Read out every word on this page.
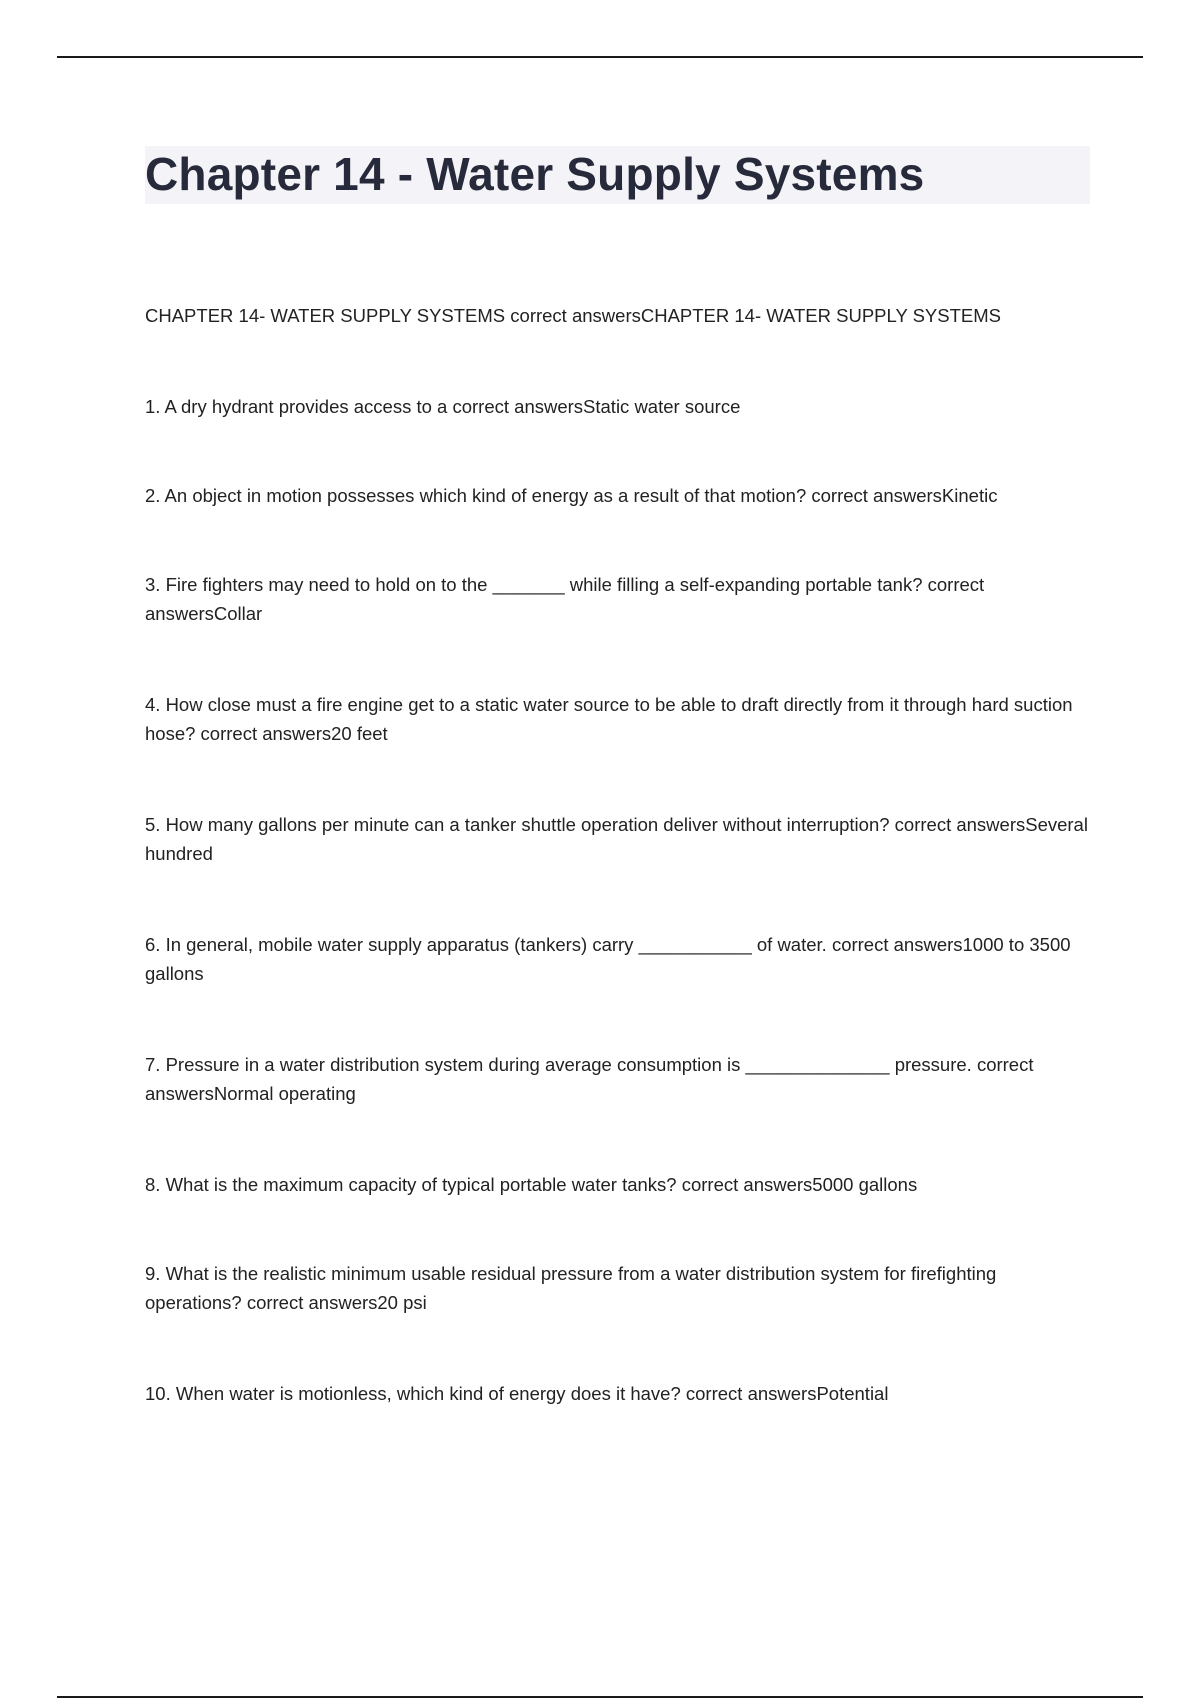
Chapter 14 - Water Supply Systems

CHAPTER 14- WATER SUPPLY SYSTEMS correct answersCHAPTER 14- WATER SUPPLY SYSTEMS

1. A dry hydrant provides access to a correct answersStatic water source
2. An object in motion possesses which kind of energy as a result of that motion? correct answersKinetic
3. Fire fighters may need to hold on to the _______ while filling a self-expanding portable tank? correct answersCollar
4. How close must a fire engine get to a static water source to be able to draft directly from it through hard suction hose? correct answers20 feet
5. How many gallons per minute can a tanker shuttle operation deliver without interruption? correct answersSeveral hundred
6. In general, mobile water supply apparatus (tankers) carry ___________ of water. correct answers1000 to 3500 gallons
7. Pressure in a water distribution system during average consumption is ______________ pressure. correct answersNormal operating
8. What is the maximum capacity of typical portable water tanks? correct answers5000 gallons
9. What is the realistic minimum usable residual pressure from a water distribution system for firefighting operations? correct answers20 psi
10. When water is motionless, which kind of energy does it have? correct answersPotential
